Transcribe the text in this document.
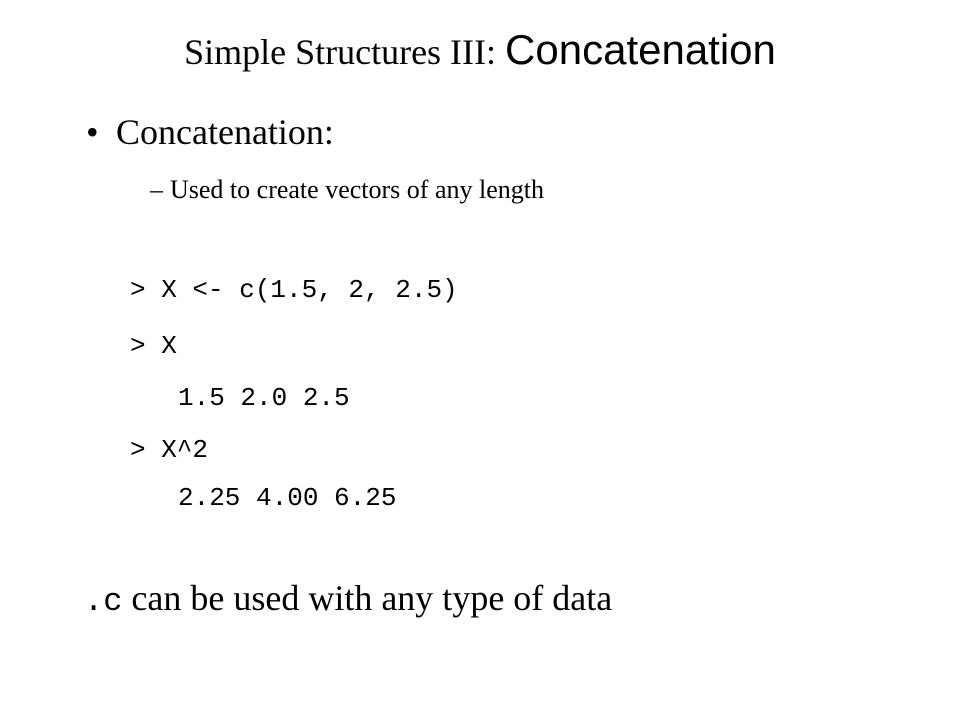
Simple Structures III: Concatenation
• Concatenation:
– Used to create vectors of any length
> X <- c(1.5, 2, 2.5)
> X
1.5 2.0 2.5
> X^2
2.25 4.00 6.25
.c can be used with any type of data
